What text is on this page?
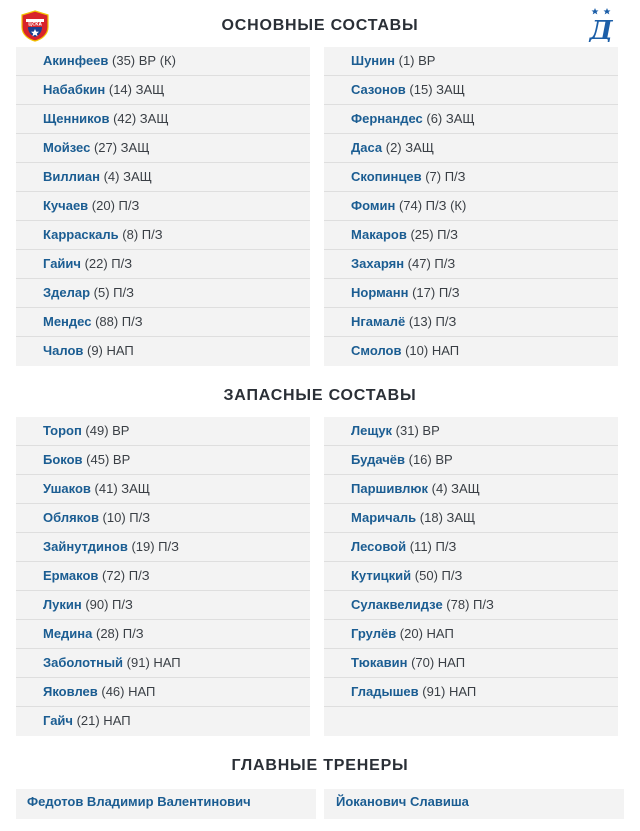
ЦСКА	Д
ОСНОВНЫЕ СОСТАВЫ
Акинфеев (35) ВР (К)
Набабкин (14) ЗАЩ
Щенников (42) ЗАЩ
Мойзес (27) ЗАЩ
Виллиан (4) ЗАЩ
Кучаев (20) П/З
Карраскаль (8) П/З
Гайич (22) П/З
Зделар (5) П/З
Мендес (88) П/З
Чалов (9) НАП
Шунин (1) ВР
Сазонов (15) ЗАЩ
Фернандес (6) ЗАЩ
Даса (2) ЗАЩ
Скопинцев (7) П/З
Фомин (74) П/З (К)
Макаров (25) П/З
Захарян (47) П/З
Норманн (17) П/З
Нгамалё (13) П/З
Смолов (10) НАП
ЗАПАСНЫЕ СОСТАВЫ
Тороп (49) ВР
Боков (45) ВР
Ушаков (41) ЗАЩ
Обляков (10) П/З
Зайнутдинов (19) П/З
Ермаков (72) П/З
Лукин (90) П/З
Медина (28) П/З
Заболотный (91) НАП
Яковлев (46) НАП
Гайч (21) НАП
Лещук (31) ВР
Будачёв (16) ВР
Паршивлюк (4) ЗАЩ
Маричаль (18) ЗАЩ
Лесовой (11) П/З
Кутицкий (50) П/З
Сулаквелидзе (78) П/З
Грулёв (20) НАП
Тюкавин (70) НАП
Гладышев (91) НАП
ГЛАВНЫЕ ТРЕНЕРЫ
Федотов Владимир Валентинович	Йоканович Славиша
